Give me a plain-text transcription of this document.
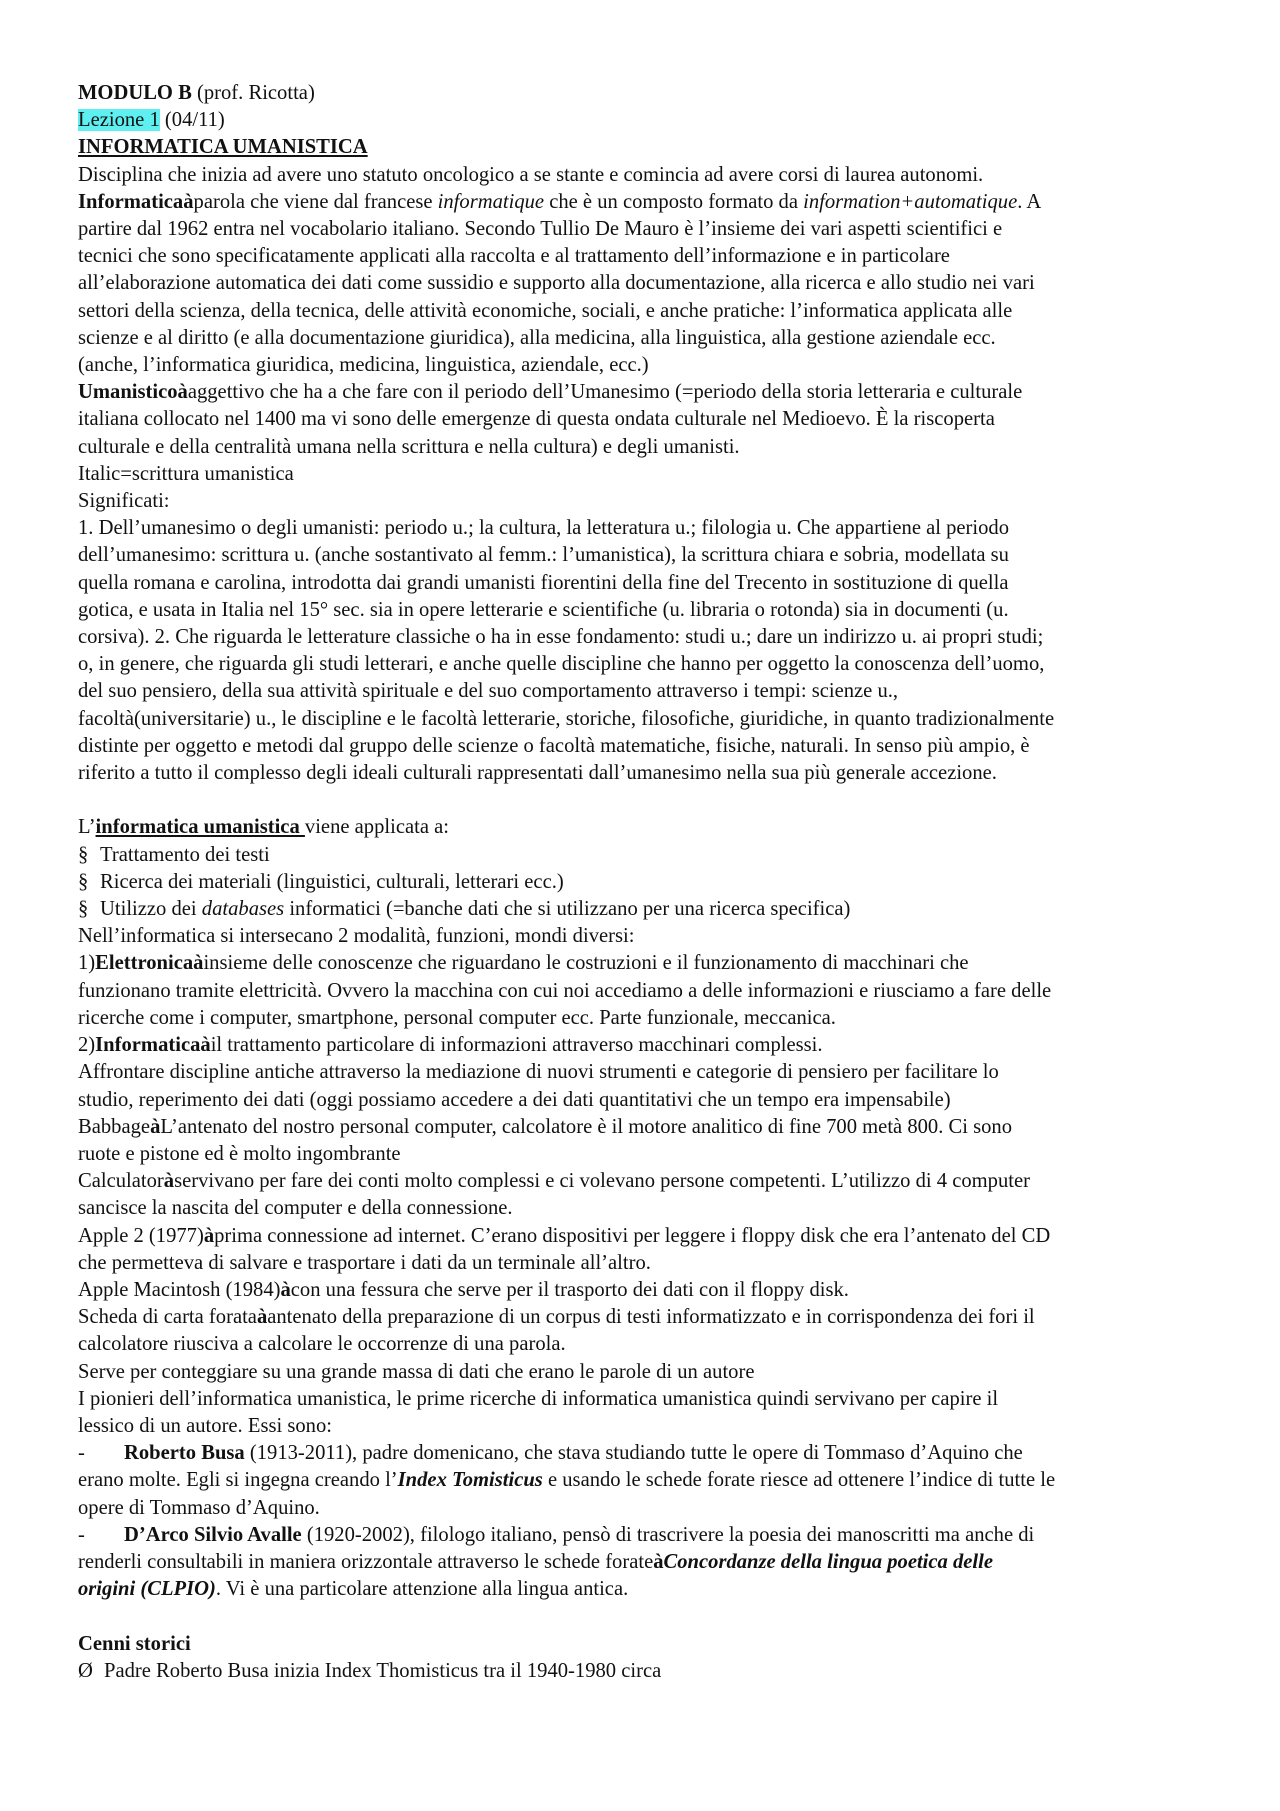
MODULO B (prof. Ricotta)
Lezione 1 (04/11)
INFORMATICA UMANISTICA
Disciplina che inizia ad avere uno statuto oncologico a se stante e comincia ad avere corsi di laurea autonomi.
Informaticaàparola che viene dal francese informatique che è un composto formato da information+automatique. A
partire dal 1962 entra nel vocabolario italiano. Secondo Tullio De Mauro è l’insieme dei vari aspetti scientifici e
tecnici che sono specificatamente applicati alla raccolta e al trattamento dell’informazione e in particolare
all’elaborazione automatica dei dati come sussidio e supporto alla documentazione, alla ricerca e allo studio nei vari
settori della scienza, della tecnica, delle attività economiche, sociali, e anche pratiche: l’informatica applicata alle
scienze e al diritto (e alla documentazione giuridica), alla medicina, alla linguistica, alla gestione aziendale ecc.
(anche, l’informatica giuridica, medicina, linguistica, aziendale, ecc.)
Umanisticoàaggettivo che ha a che fare con il periodo dell’Umanesimo (=periodo della storia letteraria e culturale
italiana collocato nel 1400 ma vi sono delle emergenze di questa ondata culturale nel Medioevo. È la riscoperta
culturale e della centralità umana nella scrittura e nella cultura) e degli umanisti.
Italic=scrittura umanistica
Significati:
1. Dell’umanesimo o degli umanisti: periodo u.; la cultura, la letteratura u.; filologia u. Che appartiene al periodo
dell’umanesimo: scrittura u. (anche sostantivato al femm.: l’umanistica), la scrittura chiara e sobria, modellata su
quella romana e carolina, introdotta dai grandi umanisti fiorentini della fine del Trecento in sostituzione di quella
gotica, e usata in Italia nel 15° sec. sia in opere letterarie e scientifiche (u. libraria o rotonda) sia in documenti (u.
corsiva). 2. Che riguarda le letterature classiche o ha in esse fondamento: studi u.; dare un indirizzo u. ai propri studi;
o, in genere, che riguarda gli studi letterari, e anche quelle discipline che hanno per oggetto la conoscenza dell’uomo,
del suo pensiero, della sua attività spirituale e del suo comportamento attraverso i tempi: scienze u.,
facoltà(universitarie) u., le discipline e le facoltà letterarie, storiche, filosofiche, giuridiche, in quanto tradizionalmente
distinte per oggetto e metodi dal gruppo delle scienze o facoltà matematiche, fisiche, naturali. In senso più ampio, è
riferito a tutto il complesso degli ideali culturali rappresentati dall’umanesimo nella sua più generale accezione.
L’informatica umanistica viene applicata a:
§ Trattamento dei testi
§ Ricerca dei materiali (linguistici, culturali, letterari ecc.)
§ Utilizzo dei databases informatici (=banche dati che si utilizzano per una ricerca specifica)
Nell’informatica si intersecano 2 modalità, funzioni, mondi diversi:
1)Elettronicaàinsieme delle conoscenze che riguardano le costruzioni e il funzionamento di macchinari che
funzionano tramite elettricità. Ovvero la macchina con cui noi accediamo a delle informazioni e riusciamo a fare delle
ricerche come i computer, smartphone, personal computer ecc. Parte funzionale, meccanica.
2)Informaticaàil trattamento particolare di informazioni attraverso macchinari complessi.
Affrontare discipline antiche attraverso la mediazione di nuovi strumenti e categorie di pensiero per facilitare lo
studio, reperimento dei dati (oggi possiamo accedere a dei dati quantitativi che un tempo era impensabile)
BabbageàL’antenato del nostro personal computer, calcolatore è il motore analitico di fine 700 metà 800. Ci sono
ruote e pistone ed è molto ingombrante
Calculatoràservivano per fare dei conti molto complessi e ci volevano persone competenti. L’utilizzo di 4 computer
sancisce la nascita del computer e della connessione.
Apple 2 (1977)àprima connessione ad internet. C’erano dispositivi per leggere i floppy disk che era l’antenato del CD
che permetteva di salvare e trasportare i dati da un terminale all’altro.
Apple Macintosh (1984)àcon una fessura che serve per il trasporto dei dati con il floppy disk.
Scheda di carta forataàantenato della preparazione di un corpus di testi informatizzato e in corrispondenza dei fori il
calcolatore riusciva a calcolare le occorrenze di una parola.
Serve per conteggiare su una grande massa di dati che erano le parole di un autore
I pionieri dell’informatica umanistica, le prime ricerche di informatica umanistica quindi servivano per capire il
lessico di un autore. Essi sono:
- Roberto Busa (1913-2011), padre domenicano, che stava studiando tutte le opere di Tommaso d’Aquino che
erano molte. Egli si ingegna creando l’Index Tomisticus e usando le schede forate riesce ad ottenere l’indice di tutte le
opere di Tommaso d’Aquino.
- D’Arco Silvio Avalle (1920-2002), filologo italiano, pensò di trascrivere la poesia dei manoscritti ma anche di
renderli consultabili in maniera orizzontale attraverso le schede forateàConcordanze della lingua poetica delle
origini (CLPIO). Vi è una particolare attenzione alla lingua antica.
Cenni storici
Ø Padre Roberto Busa inizia Index Thomisticus tra il 1940-1980 circa
